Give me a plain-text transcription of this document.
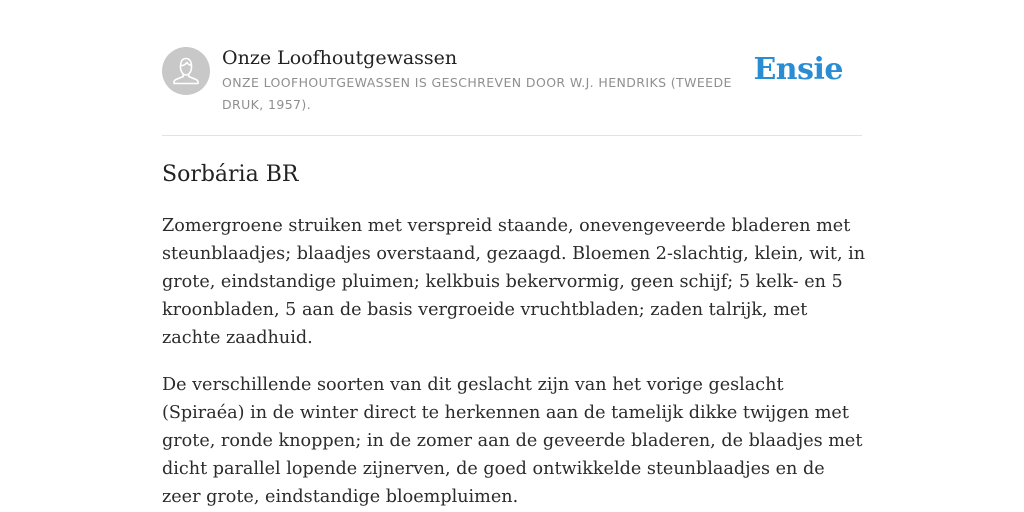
Onze Loofhoutgewassen
ONZE LOOFHOUTGEWASSEN IS GESCHREVEN DOOR W.J. HENDRIKS (TWEEDE DRUK, 1957).
Ensie
Sorbária BR

Zomergroene struiken met verspreid staande, onevengeveerde bladeren met steunblaadjes; blaadjes overstaand, gezaagd. Bloemen 2-slachtig, klein, wit, in grote, eindstandige pluimen; kelkbuis bekervormig, geen schijf; 5 kelk- en 5 kroonbladen, 5 aan de basis vergroeide vruchtbladen; zaden talrijk, met zachte zaadhuid.

De verschillende soorten van dit geslacht zijn van het vorige geslacht (Spiraéa) in de winter direct te herkennen aan de tamelijk dikke twijgen met grote, ronde knoppen; in de zomer aan de geveerde bladeren, de blaadjes met dicht parallel lopende zijnerven, de goed ontwikkelde steunblaadjes en de zeer grote, eindstandige bloempluimen.
